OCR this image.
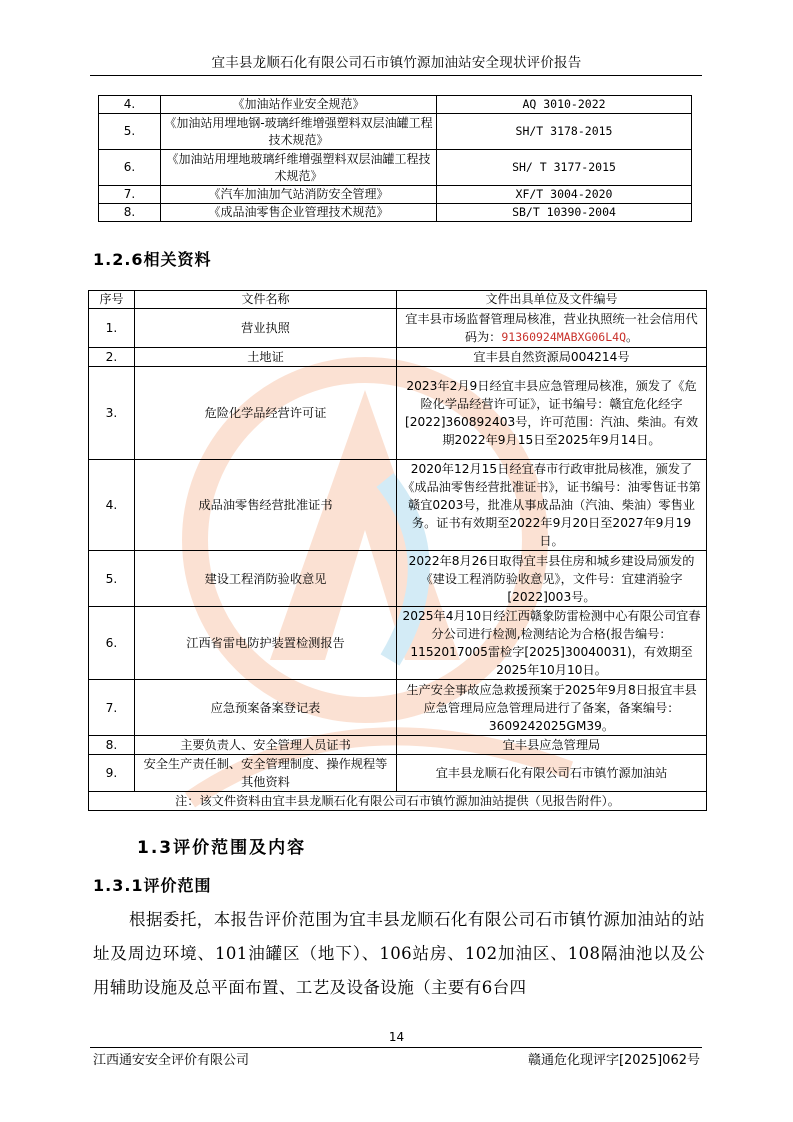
宜丰县龙顺石化有限公司石市镇竹源加油站安全现状评价报告
4.	《加油站作业安全规范》	AQ 3010-2022
5.	《加油站用埋地钢-玻璃纤维增强塑料双层油罐工程技术规范》	SH/T 3178-2015
6.	《加油站用埋地玻璃纤维增强塑料双层油罐工程技术规范》	SH/ T 3177-2015
7.	《汽车加油加气站消防安全管理》	XF/T 3004-2020
8.	《成品油零售企业管理技术规范》	SB/T 10390-2004
1.2.6相关资料
序号	文件名称	文件出具单位及文件编号
1.	营业执照	宜丰县市场监督管理局核准，营业执照统一社会信用代码为：91360924MABXG06L4Q。
2.	土地证	宜丰县自然资源局004214号
3.	危险化学品经营许可证	2023年2月9日经宜丰县应急管理局核准，颁发了《危险化学品经营许可证》，证书编号：赣宜危化经字[2022]360892403号，许可范围：汽油、柴油。有效期2022年9月15日至2025年9月14日。
4.	成品油零售经营批准证书	2020年12月15日经宜春市行政审批局核准，颁发了《成品油零售经营批准证书》，证书编号：油零售证书第赣宜0203号，批准从事成品油（汽油、柴油）零售业务。证书有效期至2022年9月20日至2027年9月19日。
5.	建设工程消防验收意见	2022年8月26日取得宜丰县住房和城乡建设局颁发的《建设工程消防验收意见》，文件号：宜建消验字[2022]003号。
6.	江西省雷电防护装置检测报告	2025年4月10日经江西赣象防雷检测中心有限公司宜春分公司进行检测,检测结论为合格(报告编号：1152017005雷检字[2025]30040031)，有效期至2025年10月10日。
7.	应急预案备案登记表	生产安全事故应急救援预案于2025年9月8日报宜丰县应急管理局应急管理局进行了备案，备案编号：3609242025GM39。
8.	主要负责人、安全管理人员证书	宜丰县应急管理局
9.	安全生产责任制、安全管理制度、操作规程等其他资料	宜丰县龙顺石化有限公司石市镇竹源加油站
注：该文件资料由宜丰县龙顺石化有限公司石市镇竹源加油站提供（见报告附件）。		
1.3评价范围及内容
1.3.1评价范围
根据委托，本报告评价范围为宜丰县龙顺石化有限公司石市镇竹源加油站的站址及周边环境、101油罐区（地下）、106站房、102加油区、108隔油池以及公用辅助设施及总平面布置、工艺及设备设施（主要有6台四
14
江西通安安全评价有限公司	赣通危化现评字[2025]062号
